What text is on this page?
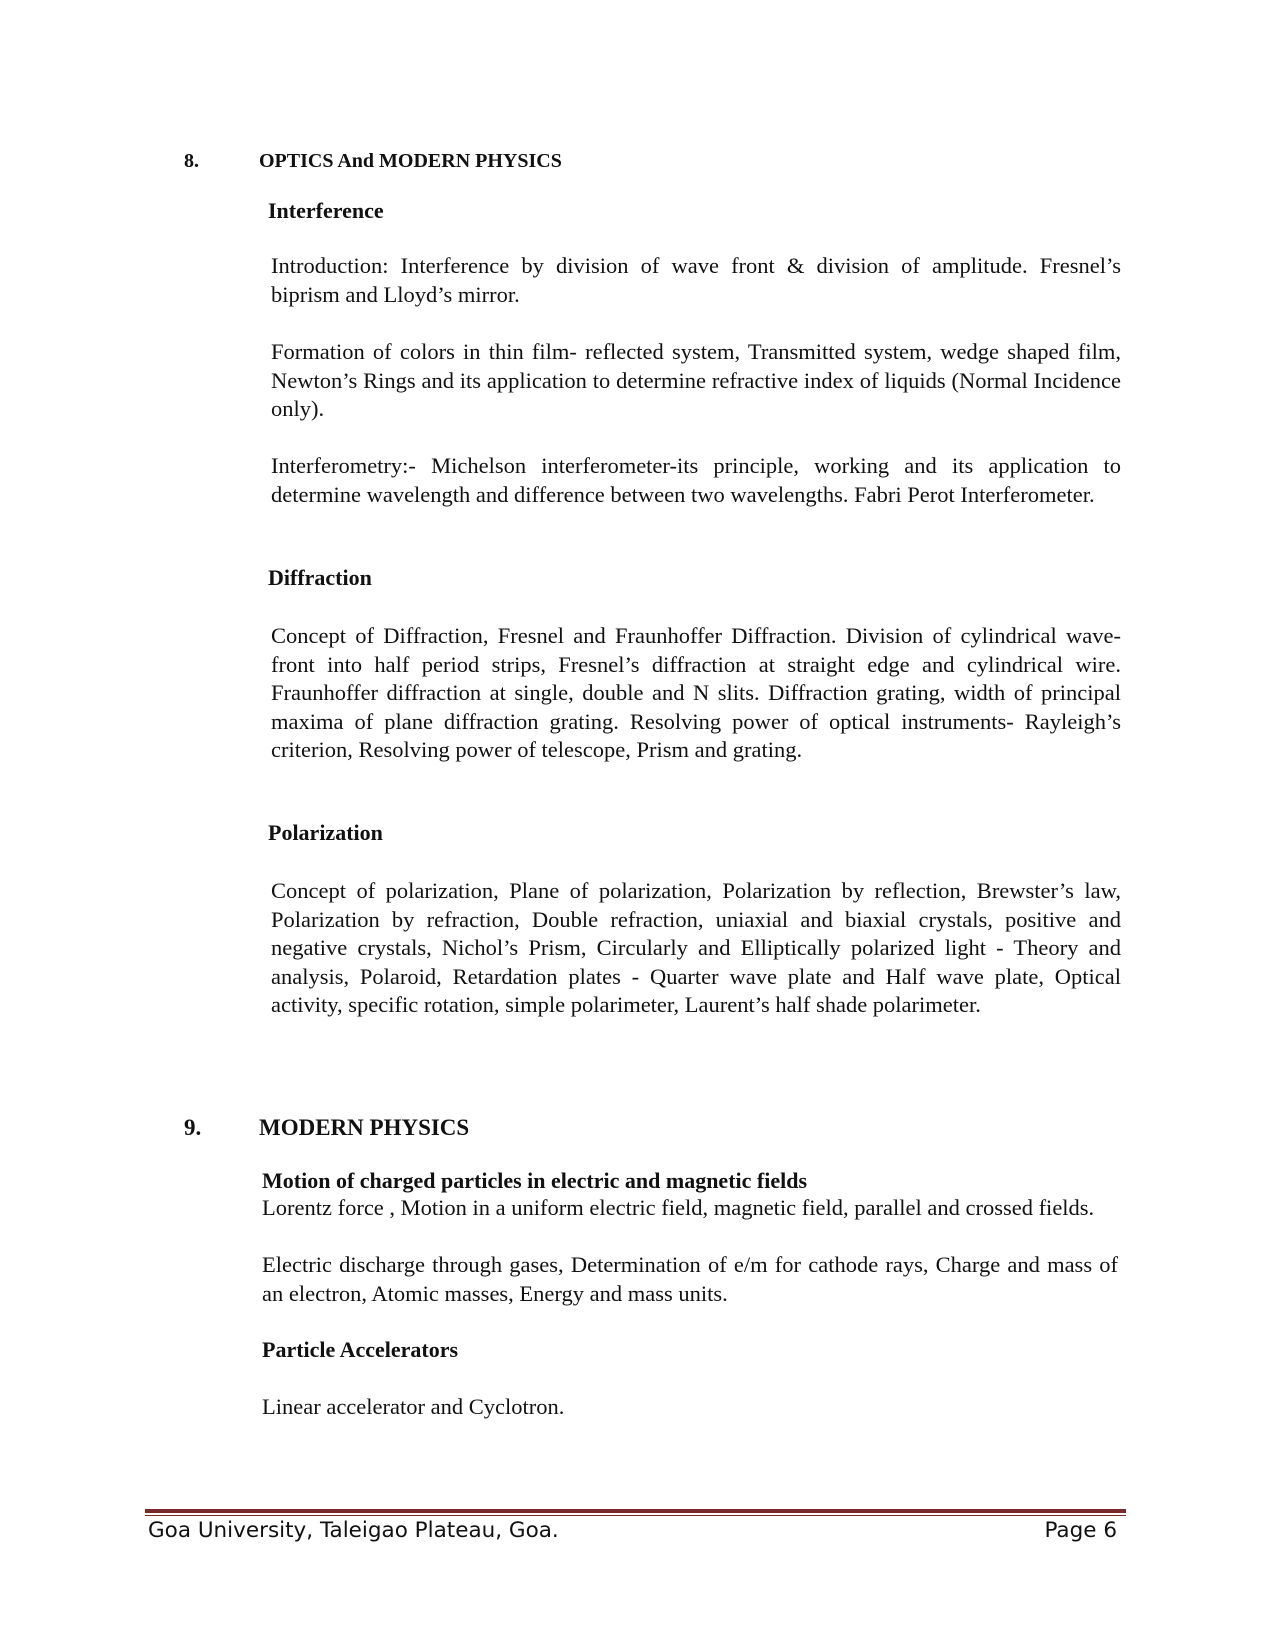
8.	OPTICS And MODERN PHYSICS
Interference

Introduction: Interference by division of wave front & division of amplitude. Fresnel’s biprism and Lloyd’s mirror.

Formation of colors in thin film- reflected system, Transmitted system, wedge shaped film, Newton’s Rings and its application to determine refractive index of liquids (Normal Incidence only).

Interferometry:- Michelson interferometer-its principle, working and its application to determine wavelength and difference between two wavelengths. Fabri Perot Interferometer.

Diffraction

Concept of Diffraction, Fresnel and Fraunhoffer Diffraction. Division of cylindrical wave-front into half period strips, Fresnel’s diffraction at straight edge and cylindrical wire. Fraunhoffer diffraction at single, double and N slits. Diffraction grating, width of principal maxima of plane diffraction grating. Resolving power of optical instruments- Rayleigh’s criterion, Resolving power of telescope, Prism and grating.

Polarization

Concept of polarization, Plane of polarization, Polarization by reflection, Brewster’s law, Polarization by refraction, Double refraction, uniaxial and biaxial crystals, positive and negative crystals, Nichol’s Prism, Circularly and Elliptically polarized light - Theory and analysis, Polaroid, Retardation plates - Quarter wave plate and Half wave plate, Optical activity, specific rotation, simple polarimeter, Laurent’s half shade polarimeter.

9.	MODERN PHYSICS
Motion of charged particles in electric and magnetic fields

Lorentz force , Motion in a uniform electric field, magnetic field, parallel and crossed fields.

Electric discharge through gases, Determination of e/m for cathode rays, Charge and mass of an electron, Atomic masses, Energy and mass units.

Particle Accelerators

Linear accelerator and Cyclotron.

Goa University, Taleigao Plateau, Goa.	Page 6
